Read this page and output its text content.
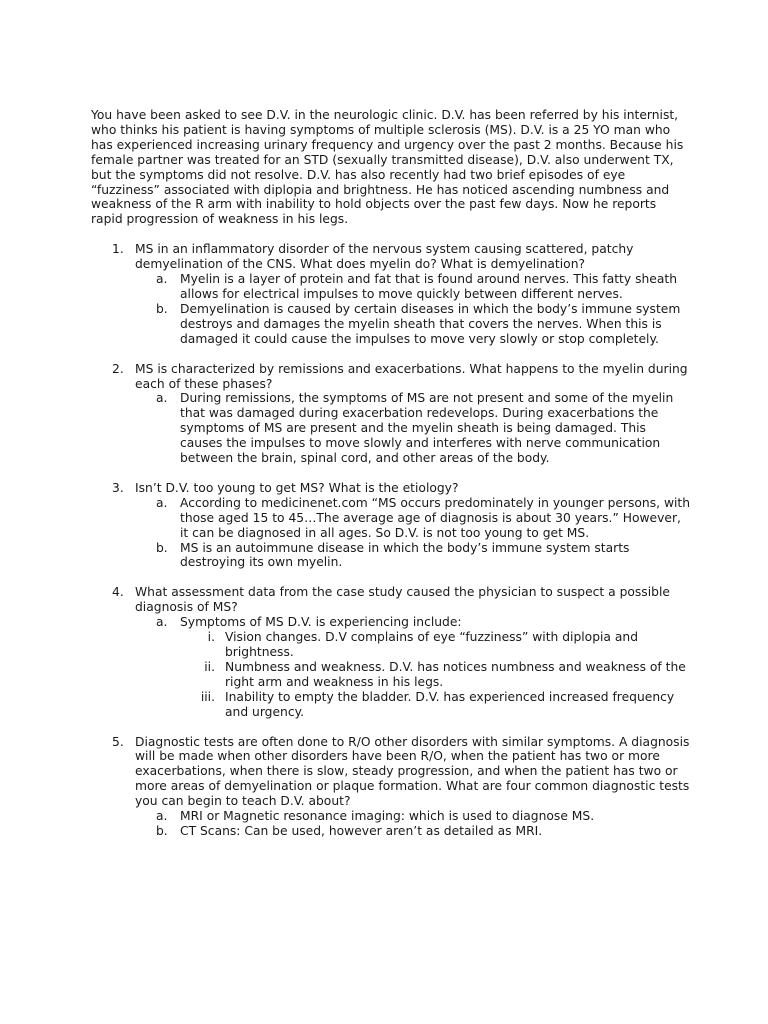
You have been asked to see D.V. in the neurologic clinic. D.V. has been referred by his internist, who thinks his patient is having symptoms of multiple sclerosis (MS). D.V. is a 25 YO man who has experienced increasing urinary frequency and urgency over the past 2 months. Because his female partner was treated for an STD (sexually transmitted disease), D.V. also underwent TX, but the symptoms did not resolve. D.V. has also recently had two brief episodes of eye “fuzziness” associated with diplopia and brightness. He has noticed ascending numbness and weakness of the R arm with inability to hold objects over the past few days. Now he reports rapid progression of weakness in his legs.

1. MS in an inflammatory disorder of the nervous system causing scattered, patchy demyelination of the CNS. What does myelin do? What is demyelination?
a. Myelin is a layer of protein and fat that is found around nerves. This fatty sheath allows for electrical impulses to move quickly between different nerves.
b. Demyelination is caused by certain diseases in which the body’s immune system destroys and damages the myelin sheath that covers the nerves. When this is damaged it could cause the impulses to move very slowly or stop completely.
2. MS is characterized by remissions and exacerbations. What happens to the myelin during each of these phases?
a. During remissions, the symptoms of MS are not present and some of the myelin that was damaged during exacerbation redevelops. During exacerbations the symptoms of MS are present and the myelin sheath is being damaged. This causes the impulses to move slowly and interferes with nerve communication between the brain, spinal cord, and other areas of the body.
3. Isn’t D.V. too young to get MS? What is the etiology?
a. According to medicinenet.com “MS occurs predominately in younger persons, with those aged 15 to 45…The average age of diagnosis is about 30 years.” However, it can be diagnosed in all ages. So D.V. is not too young to get MS.
b. MS is an autoimmune disease in which the body’s immune system starts destroying its own myelin.
4. What assessment data from the case study caused the physician to suspect a possible diagnosis of MS?
a. Symptoms of MS D.V. is experiencing include:
i. Vision changes. D.V complains of eye “fuzziness” with diplopia and brightness.
ii. Numbness and weakness. D.V. has notices numbness and weakness of the right arm and weakness in his legs.
iii. Inability to empty the bladder. D.V. has experienced increased frequency and urgency.
5. Diagnostic tests are often done to R/O other disorders with similar symptoms. A diagnosis will be made when other disorders have been R/O, when the patient has two or more exacerbations, when there is slow, steady progression, and when the patient has two or more areas of demyelination or plaque formation. What are four common diagnostic tests you can begin to teach D.V. about?
a. MRI or Magnetic resonance imaging: which is used to diagnose MS.
b. CT Scans: Can be used, however aren’t as detailed as MRI.
